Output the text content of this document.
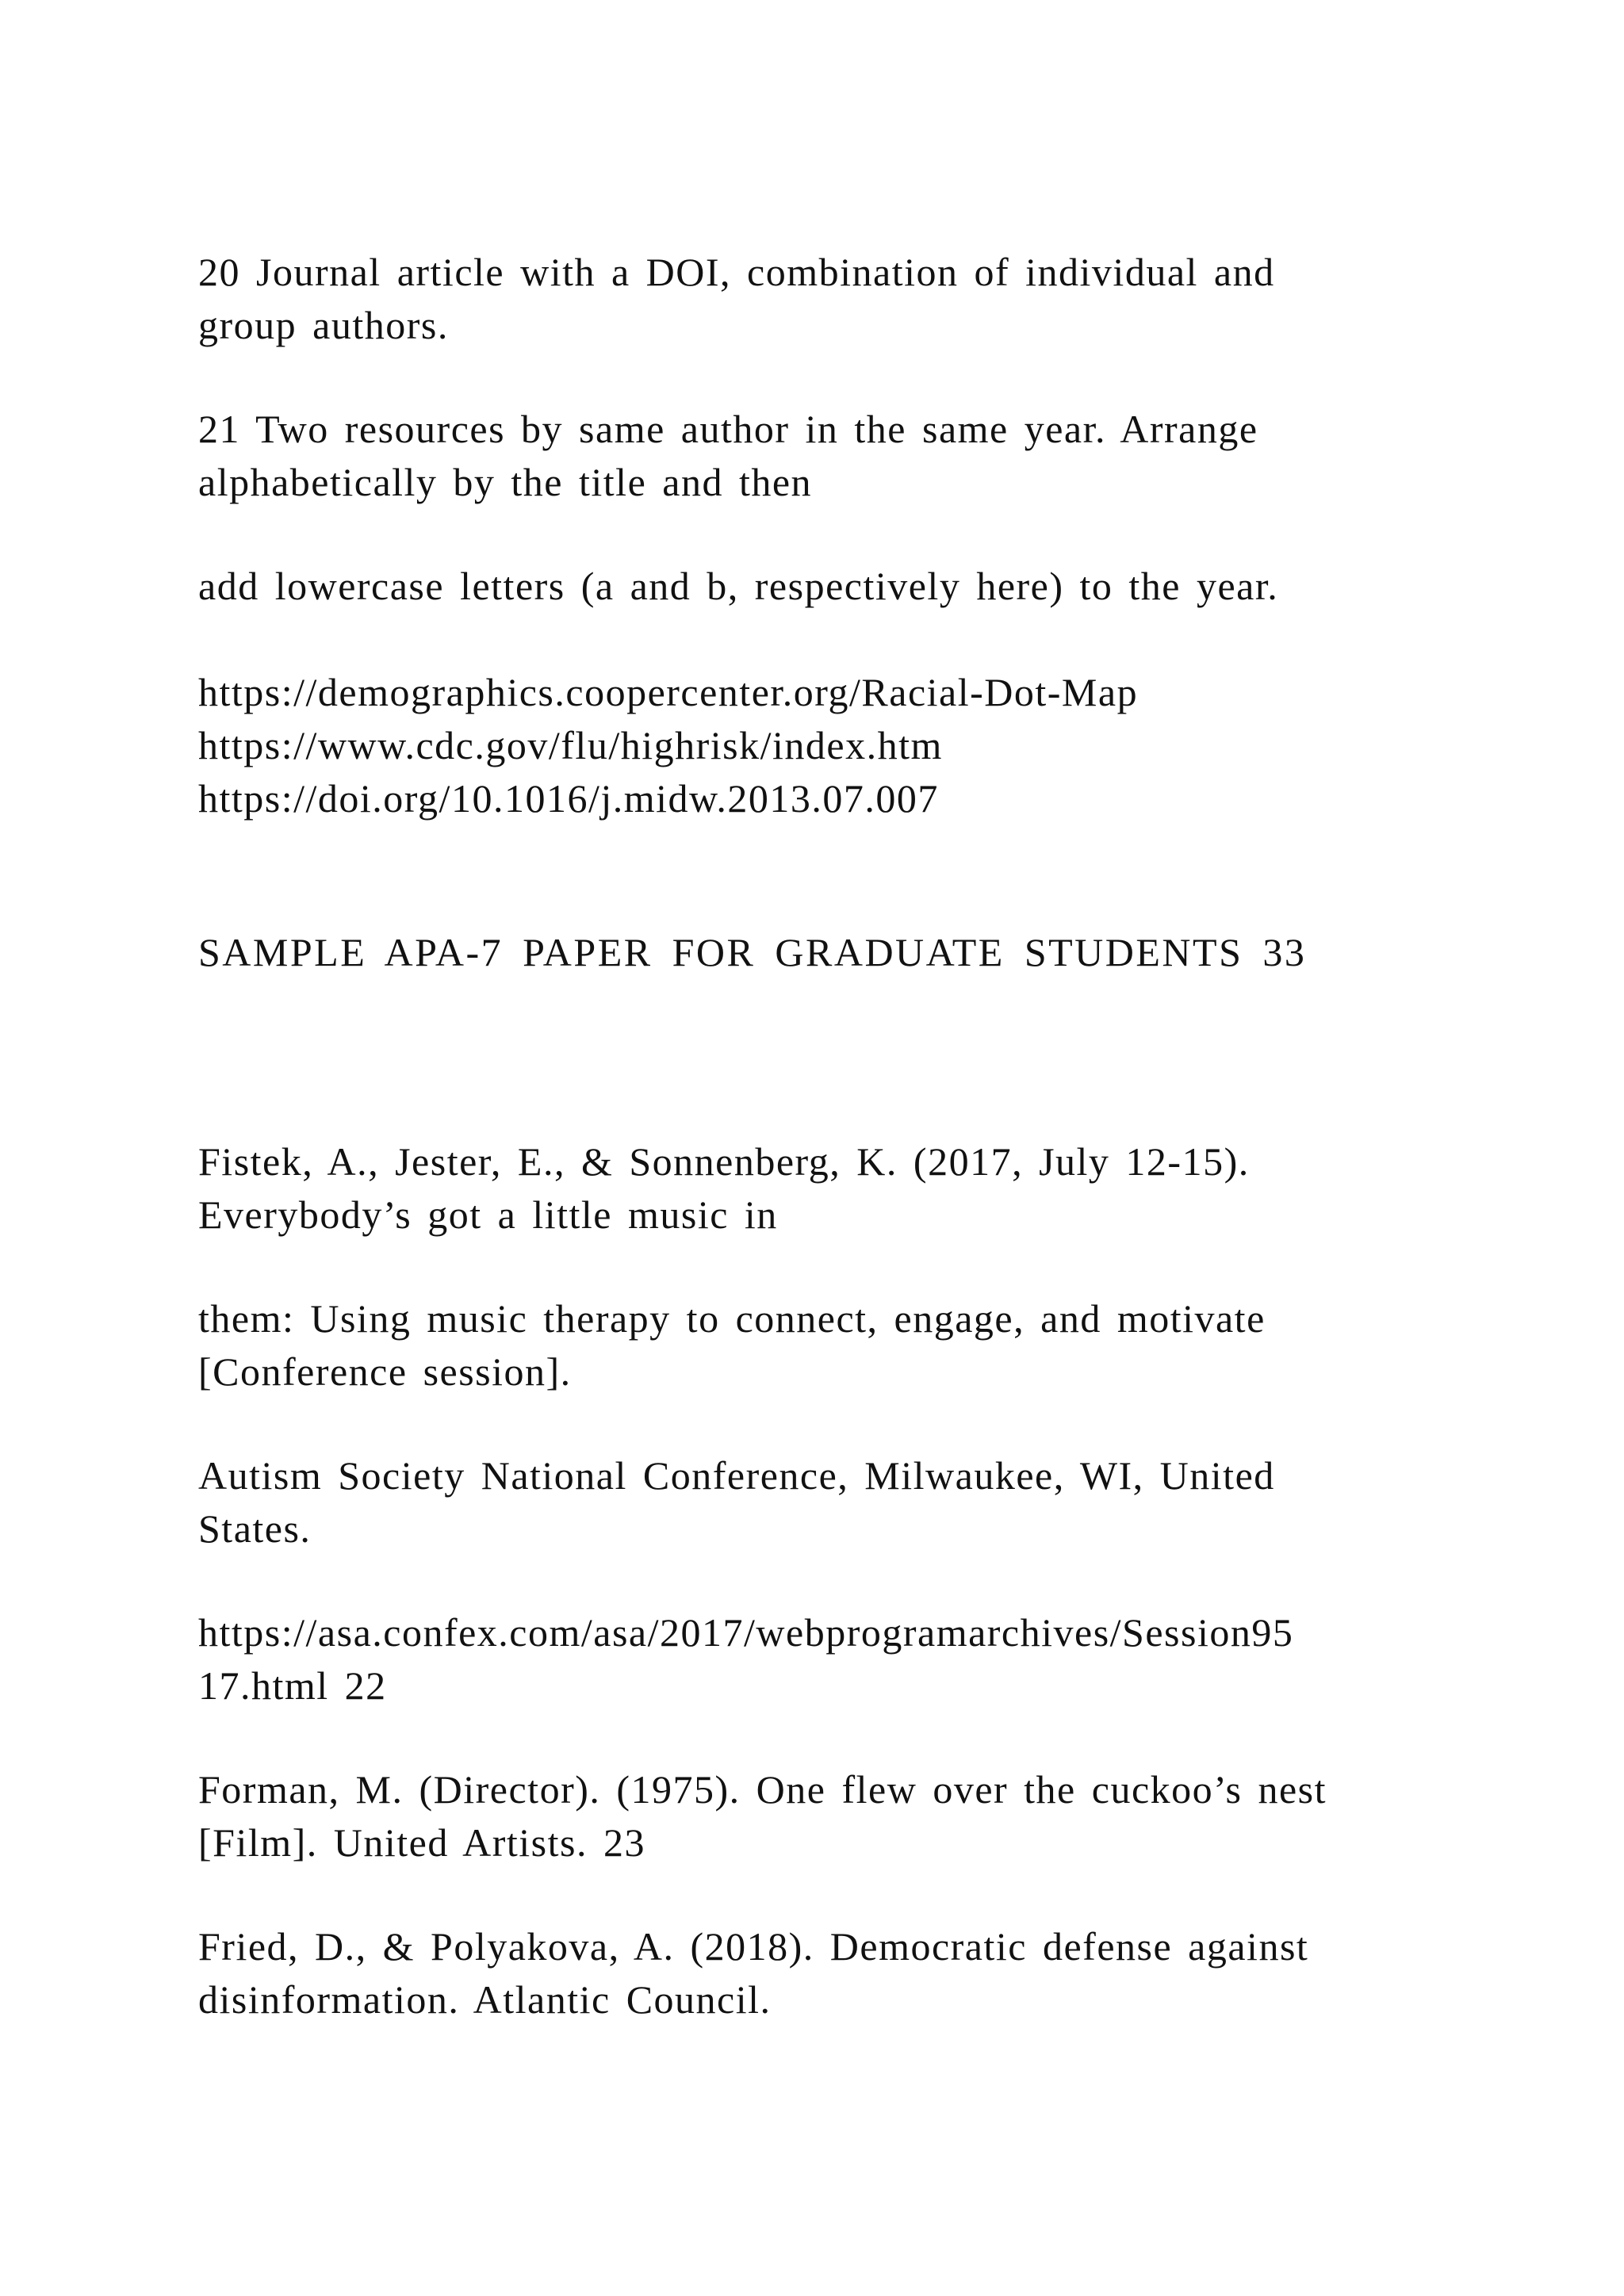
20 Journal article with a DOI, combination of individual and
group authors.

21 Two resources by same author in the same year. Arrange
alphabetically by the title and then

add lowercase letters (a and b, respectively here) to the year.

https://demographics.coopercenter.org/Racial-Dot-Map
https://www.cdc.gov/flu/highrisk/index.htm
https://doi.org/10.1016/j.midw.2013.07.007

SAMPLE APA-7 PAPER FOR GRADUATE STUDENTS 33

Fistek, A., Jester, E., & Sonnenberg, K. (2017, July 12-15).
Everybody’s got a little music in

them: Using music therapy to connect, engage, and motivate
[Conference session].

Autism Society National Conference, Milwaukee, WI, United
States.

https://asa.confex.com/asa/2017/webprogramarchives/Session95
17.html 22

Forman, M. (Director). (1975). One flew over the cuckoo’s nest
[Film]. United Artists. 23

Fried, D., & Polyakova, A. (2018). Democratic defense against
disinformation. Atlantic Council.
